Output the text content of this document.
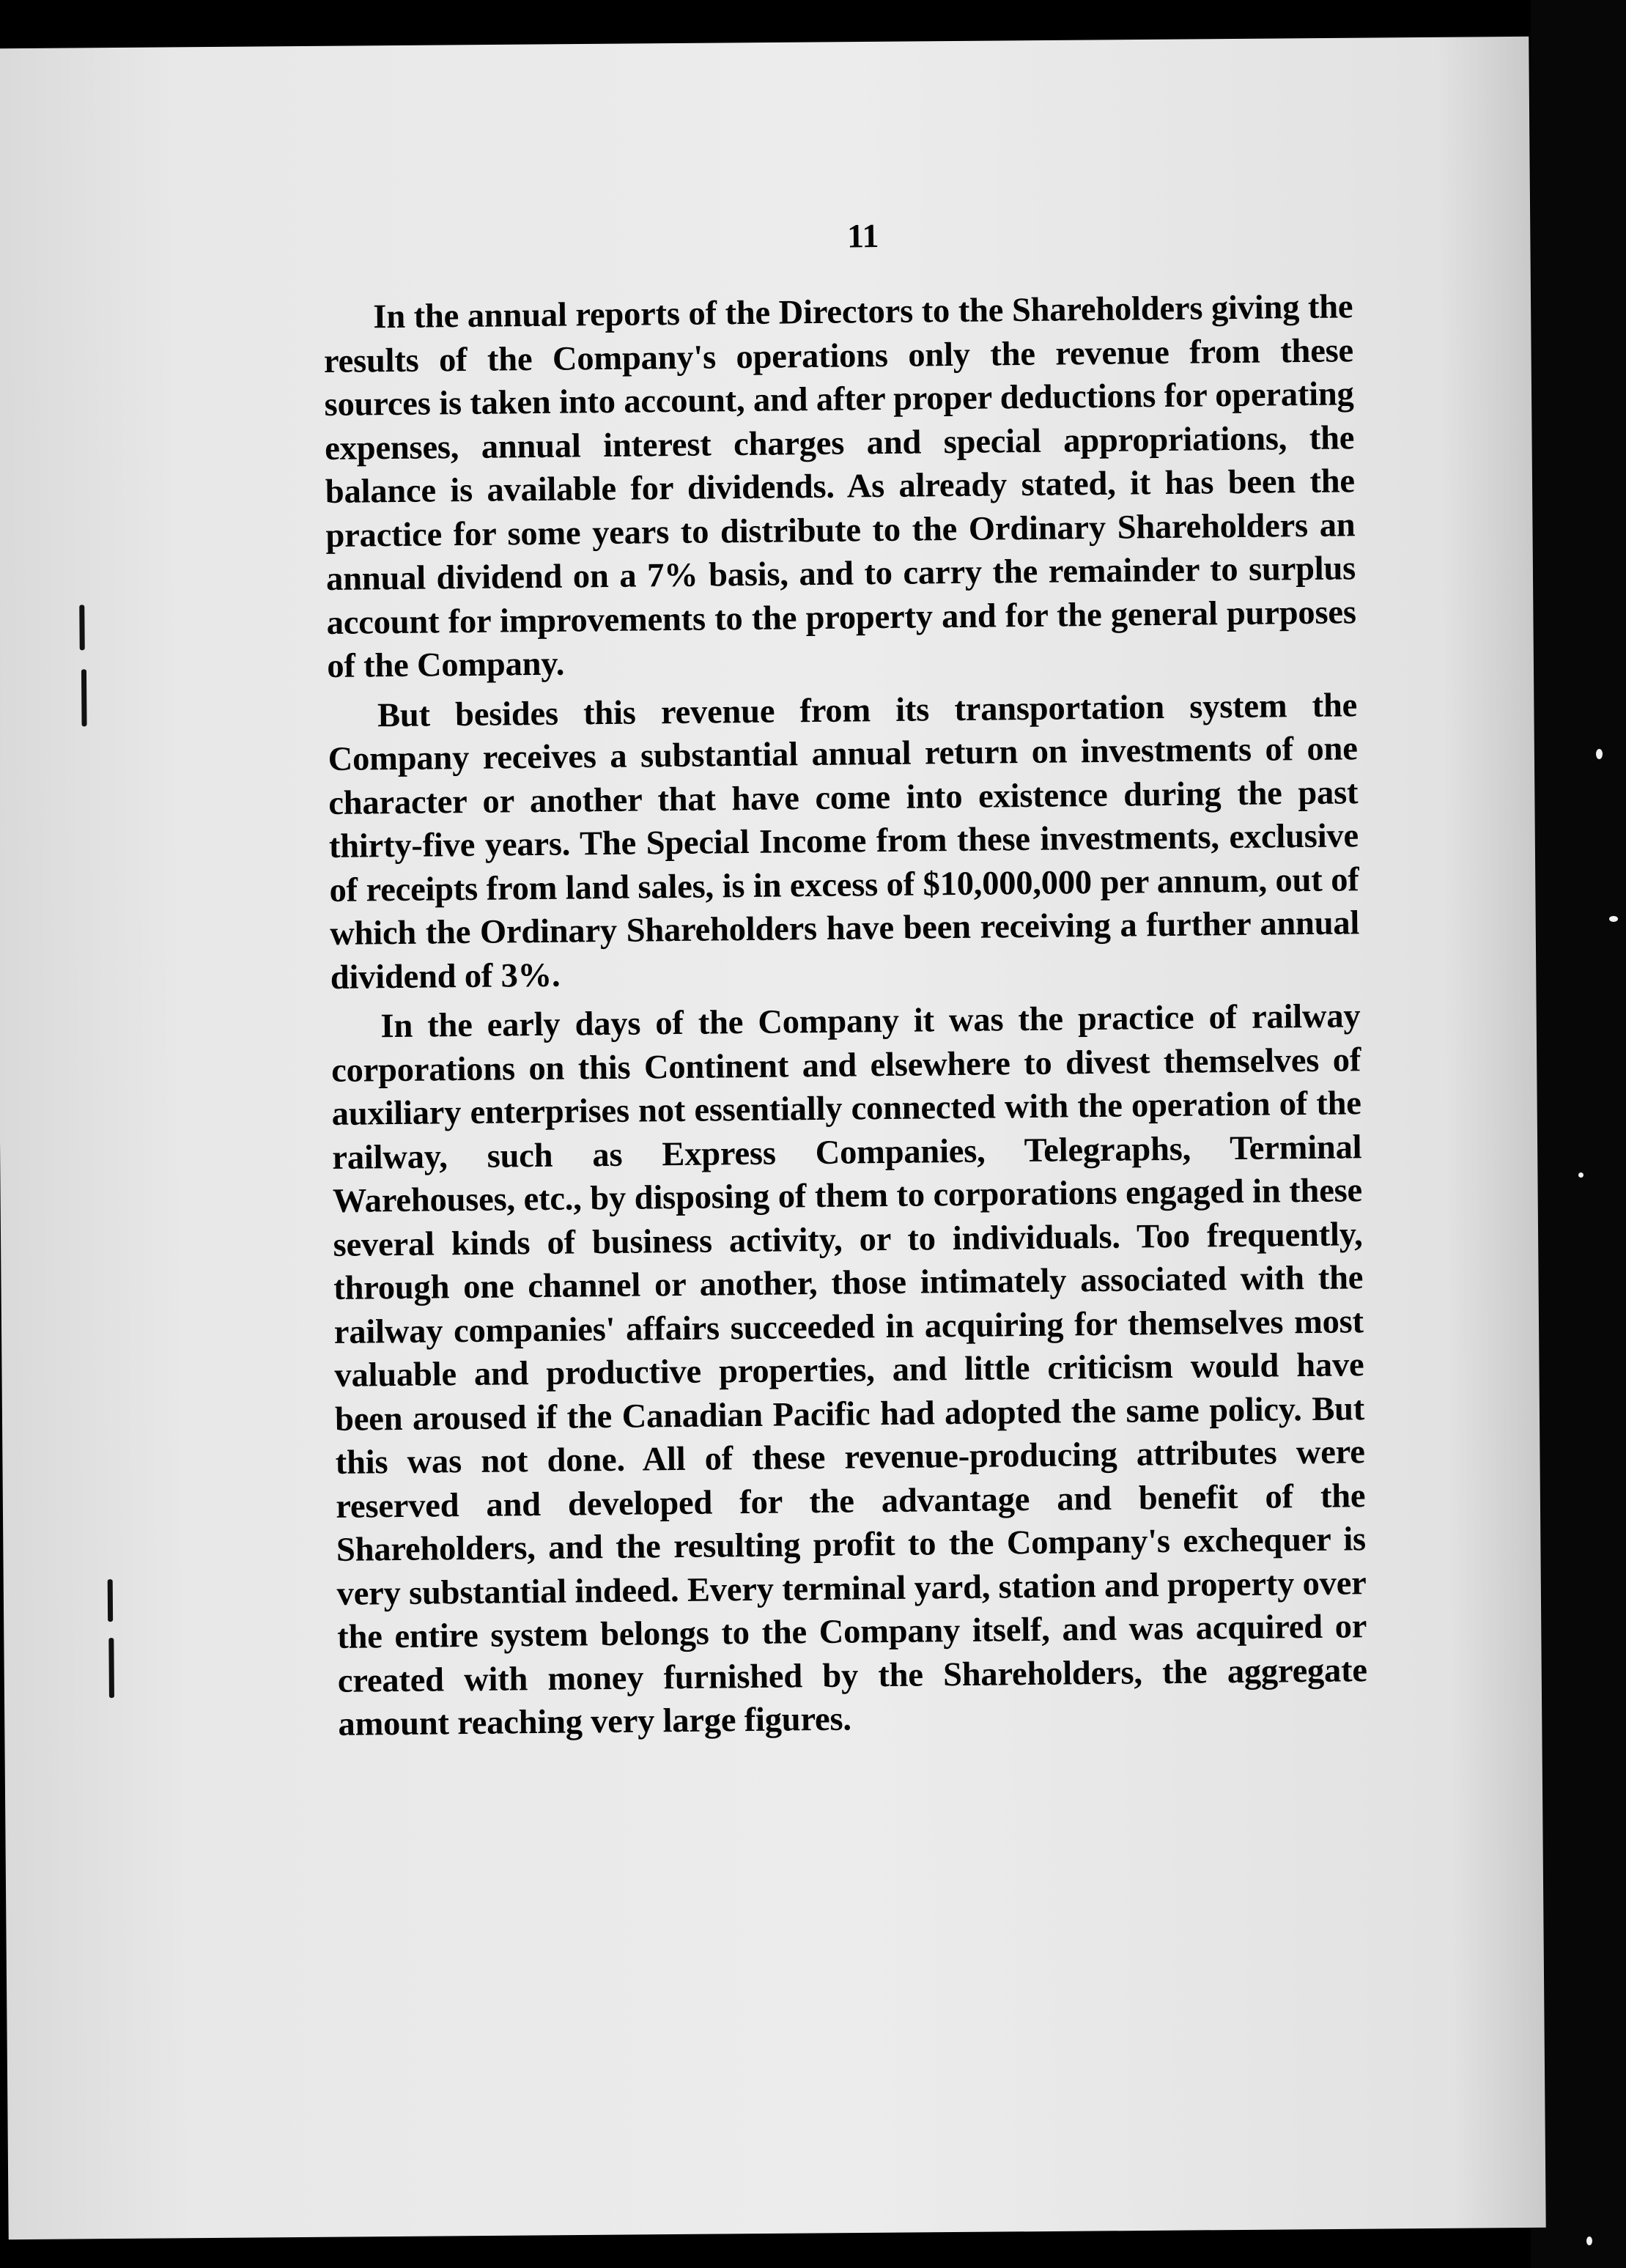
11

In the annual reports of the Directors to the Shareholders giving the results of the Company's operations only the revenue from these sources is taken into account, and after proper deductions for operating expenses, annual interest charges and special appropriations, the balance is available for dividends. As already stated, it has been the practice for some years to distribute to the Ordinary Shareholders an annual dividend on a 7% basis, and to carry the remainder to surplus account for improvements to the property and for the general purposes of the Company.

But besides this revenue from its transportation system the Company receives a substantial annual return on investments of one character or another that have come into existence during the past thirty-five years. The Special Income from these investments, exclusive of receipts from land sales, is in excess of $10,000,000 per annum, out of which the Ordinary Shareholders have been receiving a further annual dividend of 3%.

In the early days of the Company it was the practice of railway corporations on this Continent and elsewhere to divest themselves of auxiliary enterprises not essentially connected with the operation of the railway, such as Express Companies, Telegraphs, Terminal Warehouses, etc., by disposing of them to corporations engaged in these several kinds of business activity, or to individuals. Too frequently, through one channel or another, those intimately associated with the railway companies' affairs succeeded in acquiring for themselves most valuable and productive properties, and little criticism would have been aroused if the Canadian Pacific had adopted the same policy. But this was not done. All of these revenue-producing attributes were reserved and developed for the advantage and benefit of the Shareholders, and the resulting profit to the Company's exchequer is very substantial indeed. Every terminal yard, station and property over the entire system belongs to the Company itself, and was acquired or created with money furnished by the Shareholders, the aggregate amount reaching very large figures.
